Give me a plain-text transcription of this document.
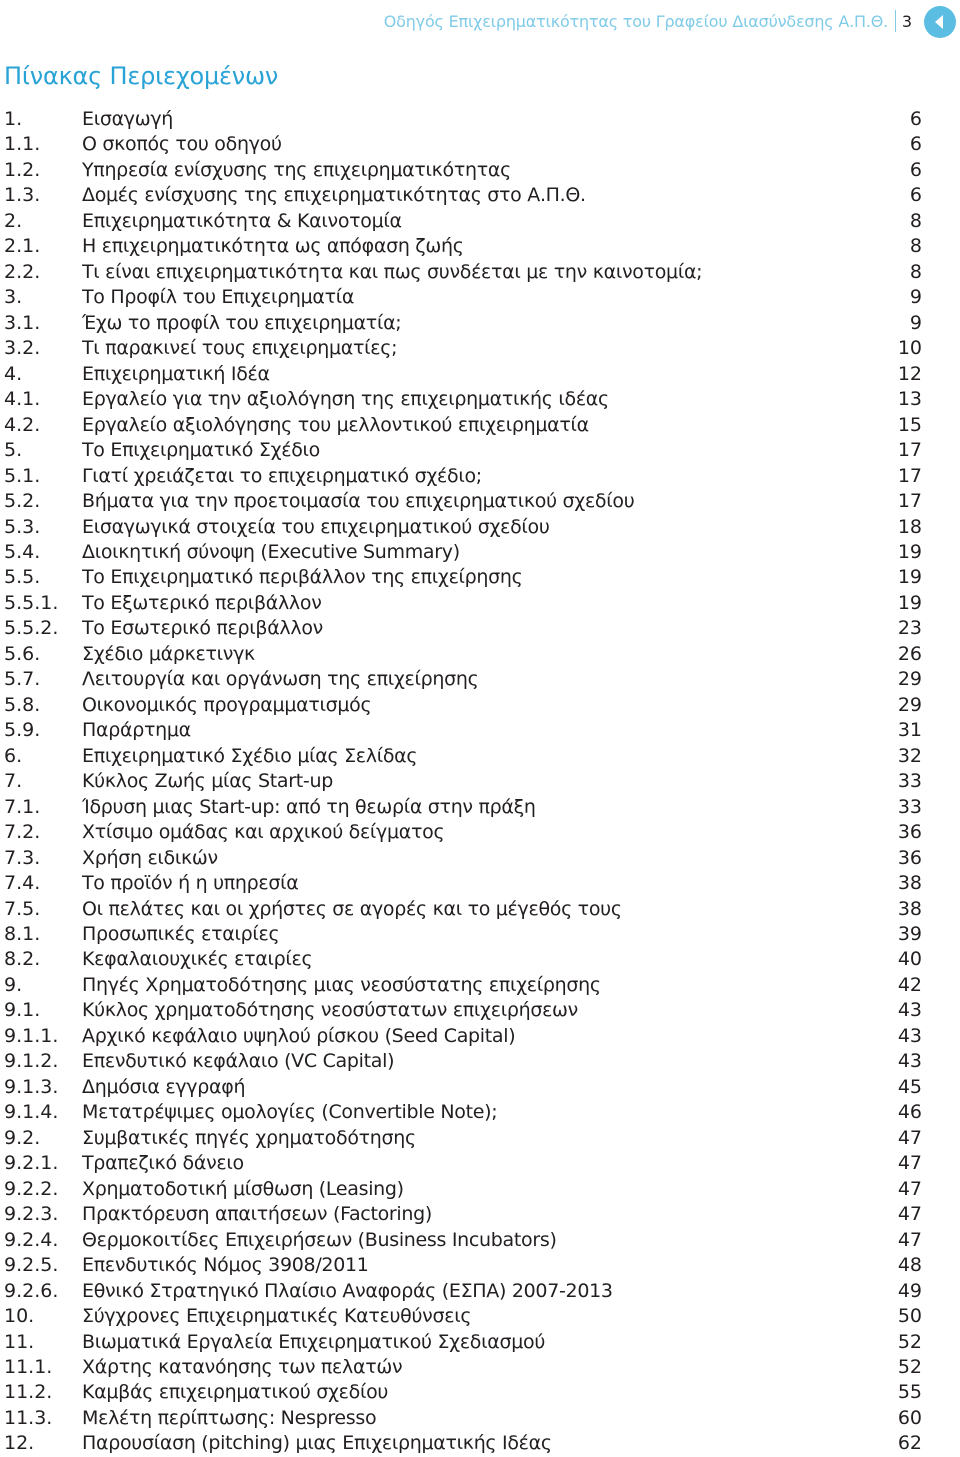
Οδηγός Επιχειρηματικότητας του Γραφείου Διασύνδεσης Α.Π.Θ. 3
Πίνακας Περιεχομένων
1.	Εισαγωγή	6
1.1.	Ο σκοπός του οδηγού	6
1.2.	Υπηρεσία ενίσχυσης της επιχειρηματικότητας	6
1.3.	Δομές ενίσχυσης της επιχειρηματικότητας στο Α.Π.Θ.	6
2.	Επιχειρηματικότητα & Καινοτομία	8
2.1.	Η επιχειρηματικότητα ως απόφαση ζωής	8
2.2.	Τι είναι επιχειρηματικότητα και πως συνδέεται με την καινοτομία;	8
3.	Το Προφίλ του Επιχειρηματία	9
3.1.	Έχω το προφίλ του επιχειρηματία;	9
3.2.	Τι παρακινεί τους επιχειρηματίες;	10
4.	Επιχειρηματική Ιδέα	12
4.1.	Εργαλείο για την αξιολόγηση της επιχειρηματικής ιδέας	13
4.2.	Εργαλείο αξιολόγησης του μελλοντικού επιχειρηματία	15
5.	Το Επιχειρηματικό Σχέδιο	17
5.1.	Γιατί χρειάζεται το επιχειρηματικό σχέδιο;	17
5.2.	Βήματα για την προετοιμασία του επιχειρηματικού σχεδίου	17
5.3.	Εισαγωγικά στοιχεία του επιχειρηματικού σχεδίου	18
5.4.	Διοικητική σύνοψη (Executive Summary)	19
5.5.	Το Επιχειρηματικό περιβάλλον της επιχείρησης	19
5.5.1.	Το Εξωτερικό περιβάλλον	19
5.5.2.	Το Εσωτερικό περιβάλλον	23
5.6.	Σχέδιο μάρκετινγκ	26
5.7.	Λειτουργία και οργάνωση της επιχείρησης	29
5.8.	Οικονομικός προγραμματισμός	29
5.9.	Παράρτημα	31
6.	Επιχειρηματικό Σχέδιο μίας Σελίδας	32
7.	Κύκλος Ζωής μίας Start-up	33
7.1.	Ίδρυση μιας Start-up: από τη θεωρία στην πράξη	33
7.2.	Χτίσιμο ομάδας και αρχικού δείγματος	36
7.3.	Χρήση ειδικών	36
7.4.	Το προϊόν ή η υπηρεσία	38
7.5.	Οι πελάτες και οι χρήστες σε αγορές και το μέγεθός τους	38
8.1.	Προσωπικές εταιρίες	39
8.2.	Κεφαλαιουχικές εταιρίες	40
9.	Πηγές Χρηματοδότησης μιας νεοσύστατης επιχείρησης	42
9.1.	Κύκλος χρηματοδότησης νεοσύστατων επιχειρήσεων	43
9.1.1.	Αρχικό κεφάλαιο υψηλού ρίσκου (Seed Capital)	43
9.1.2.	Επενδυτικό κεφάλαιο (VC Capital)	43
9.1.3.	Δημόσια εγγραφή	45
9.1.4.	Μετατρέψιμες ομολογίες (Convertible Note);	46
9.2.	Συμβατικές πηγές χρηματοδότησης	47
9.2.1.	Τραπεζικό δάνειο	47
9.2.2.	Χρηματοδοτική μίσθωση (Leasing)	47
9.2.3.	Πρακτόρευση απαιτήσεων (Factoring)	47
9.2.4.	Θερμοκοιτίδες Επιχειρήσεων (Business Incubators)	47
9.2.5.	Επενδυτικός Νόμος 3908/2011	48
9.2.6.	Εθνικό Στρατηγικό Πλαίσιο Αναφοράς (ΕΣΠΑ) 2007-2013	49
10.	Σύγχρονες Επιχειρηματικές Κατευθύνσεις	50
11.	Βιωματικά Εργαλεία Επιχειρηματικού Σχεδιασμού	52
11.1.	Χάρτης κατανόησης των πελατών	52
11.2.	Καμβάς επιχειρηματικού σχεδίου	55
11.3.	Μελέτη περίπτωσης: Nespresso	60
12.	Παρουσίαση (pitching) μιας Επιχειρηματικής Ιδέας	62
